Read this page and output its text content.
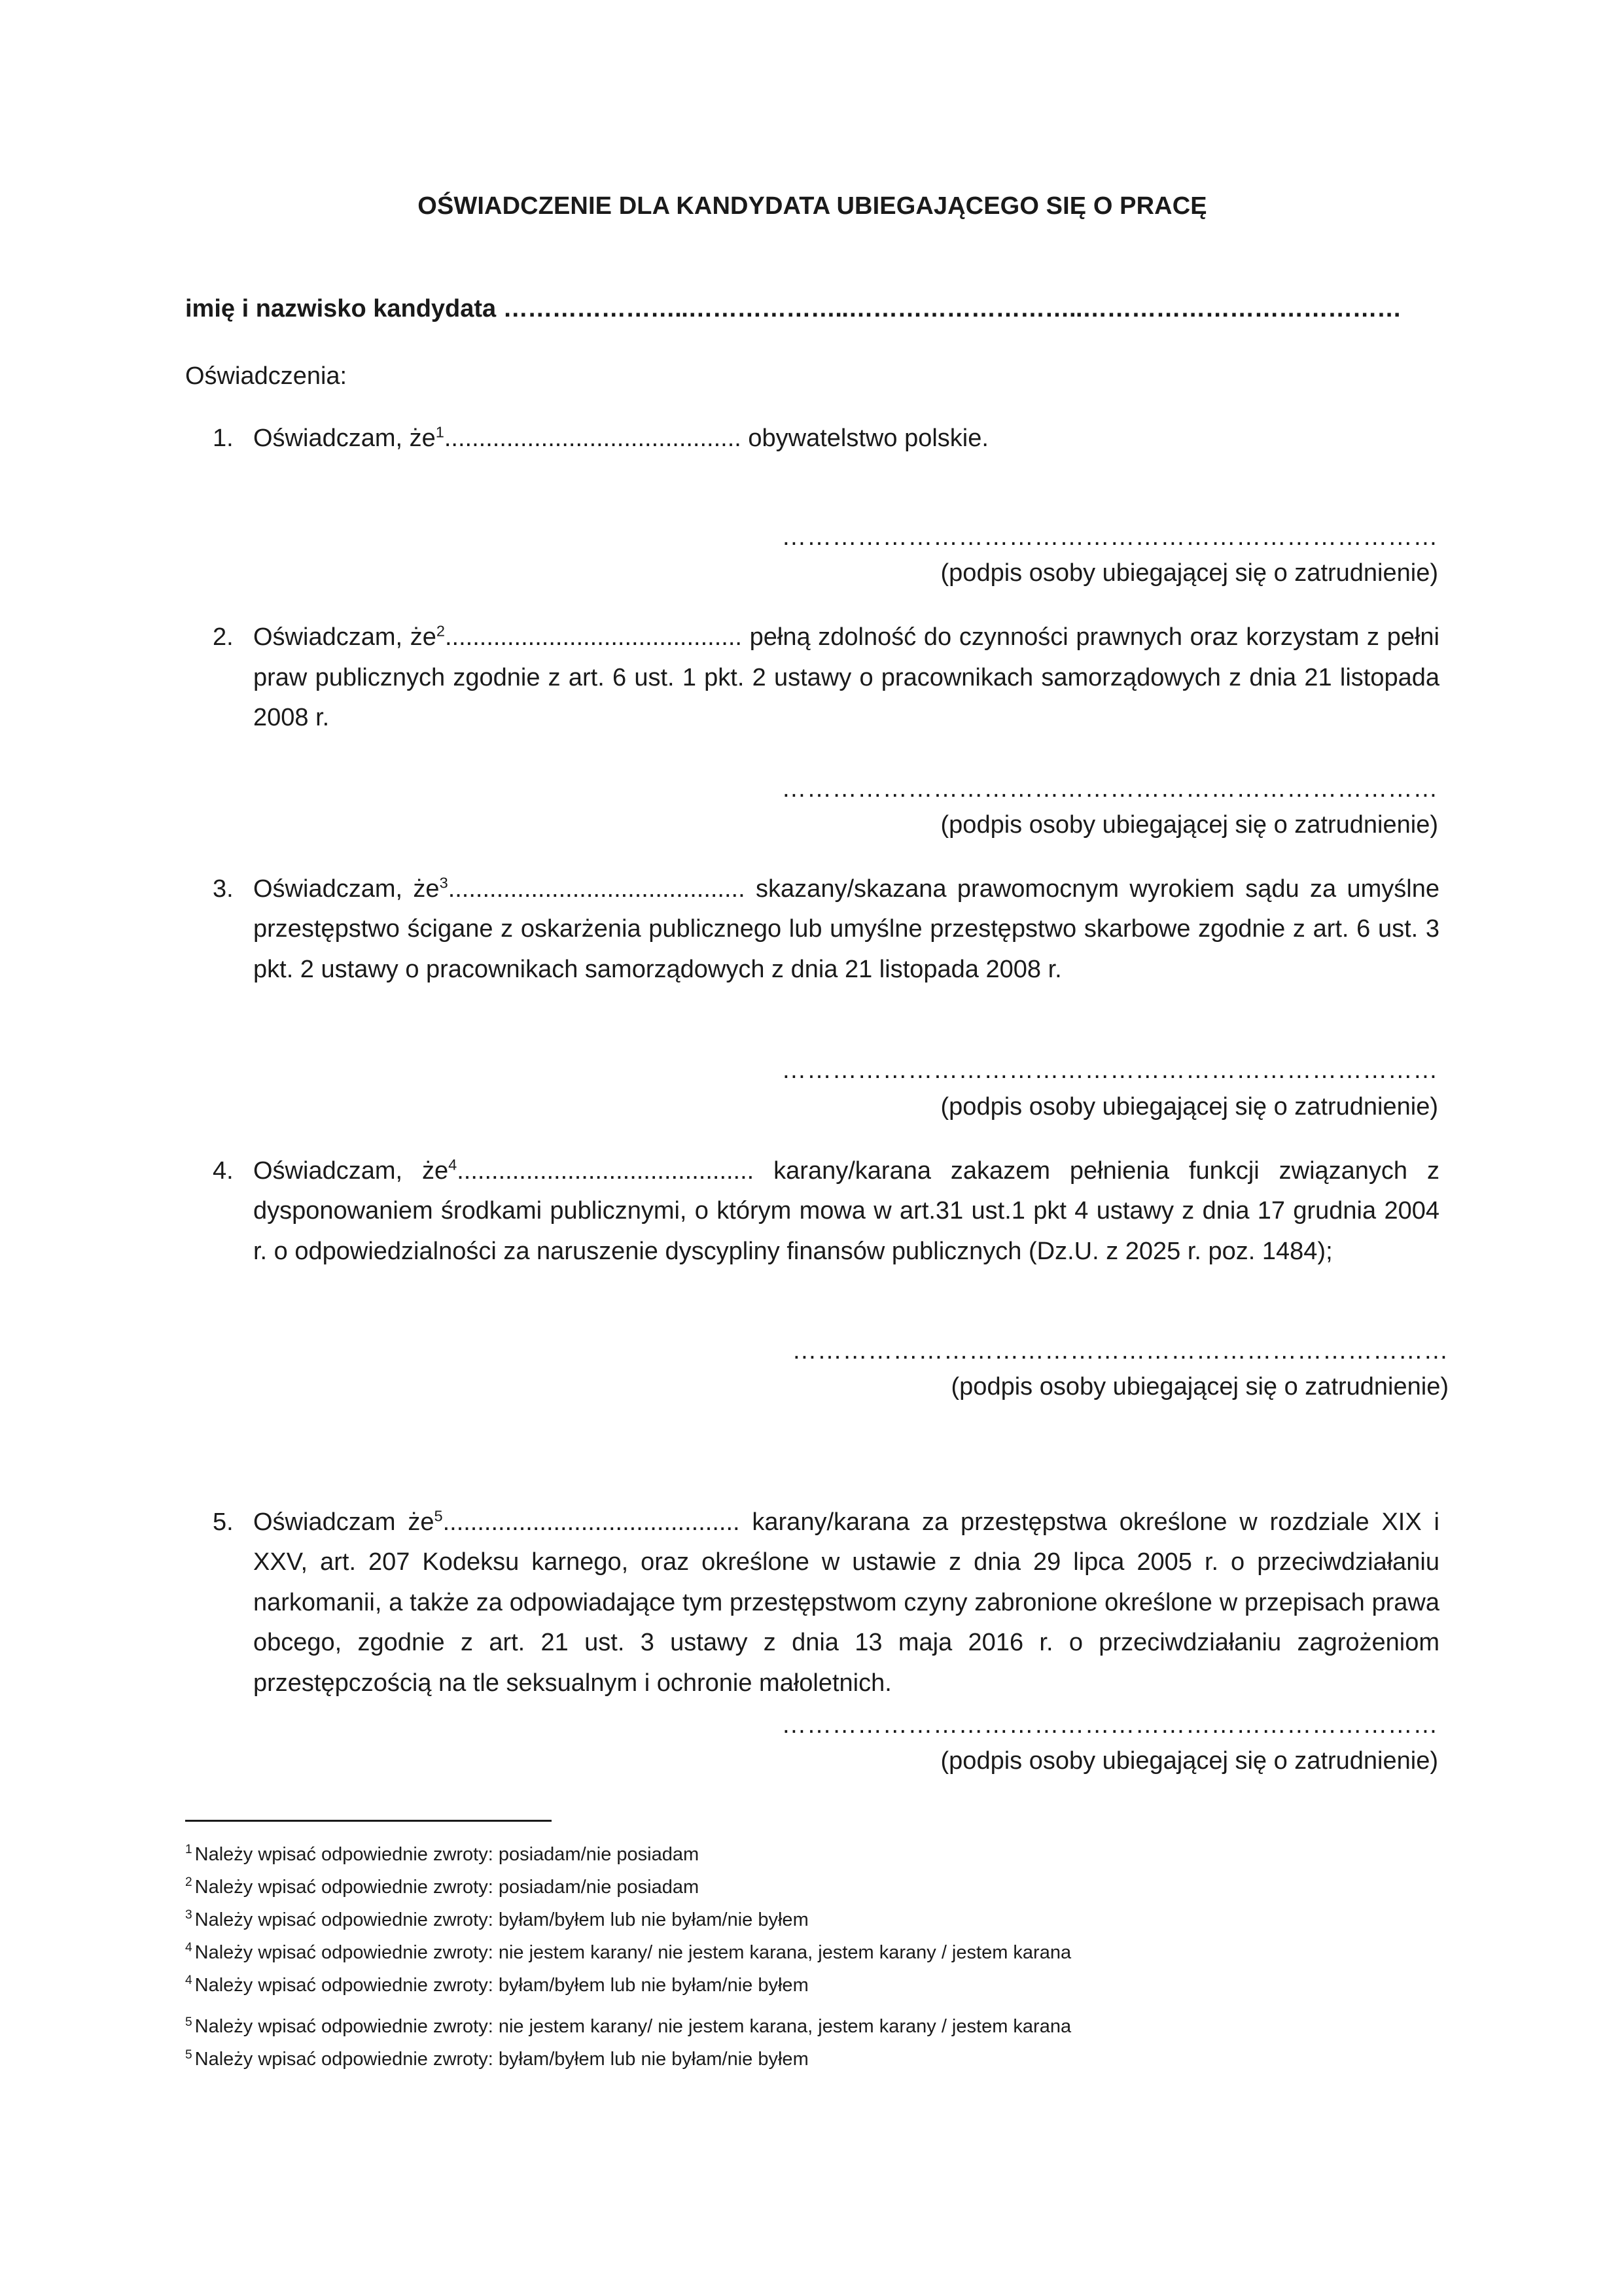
OŚWIADCZENIE DLA KANDYDATA UBIEGAJĄCEGO SIĘ O PRACĘ
imię i nazwisko kandydata …………………..………………..………………………..…………………………………
Oświadczenia:
1. Oświadczam, $że^1$........................................... obywatelstwo polskie.
……………………………………………………………………
(podpis osoby ubiegającej się o zatrudnienie)
2. Oświadczam, $że^2$........................................... pełną zdolność do czynności prawnych oraz korzystam z pełni praw publicznych zgodnie z art. 6 ust. 1 pkt. 2 ustawy o pracownikach samorządowych z dnia 21 listopada 2008 r.
……………………………………………………………………
(podpis osoby ubiegającej się o zatrudnienie)
3. Oświadczam, $że^3$........................................... skazany/skazana prawomocnym wyrokiem sądu za umyślne przestępstwo ścigane z oskarżenia publicznego lub umyślne przestępstwo skarbowe zgodnie z art. 6 ust. 3 pkt. 2 ustawy o pracownikach samorządowych z dnia 21 listopada 2008 r.
……………………………………………………………………
(podpis osoby ubiegającej się o zatrudnienie)
4. Oświadczam, $że^4$........................................... karany/karana zakazem pełnienia funkcji związanych z dysponowaniem środkami publicznymi, o którym mowa w art.31 ust.1 pkt 4 ustawy z dnia 17 grudnia 2004 r. o odpowiedzialności za naruszenie dyscypliny finansów publicznych (Dz.U. z 2025 r. poz. 1484);
……………………………………………………………………
(podpis osoby ubiegającej się o zatrudnienie)
5. Oświadczam $że^5$........................................... karany/karana za przestępstwa określone w rozdziale XIX i XXV, art. 207 Kodeksu karnego, oraz określone w ustawie z dnia 29 lipca 2005 r. o przeciwdziałaniu narkomanii, a także za odpowiadające tym przestępstwom czyny zabronione określone w przepisach prawa obcego, zgodnie z art. 21 ust. 3 ustawy z dnia 13 maja 2016 r. o przeciwdziałaniu zagrożeniom przestępczością na tle seksualnym i ochronie małoletnich.
……………………………………………………………………
(podpis osoby ubiegającej się o zatrudnienie)
$^1$ Należy wpisać odpowiednie zwroty: posiadam/nie posiadam
$^2$ Należy wpisać odpowiednie zwroty: posiadam/nie posiadam
$^3$ Należy wpisać odpowiednie zwroty: byłam/byłem lub nie byłam/nie byłem
$^4$ Należy wpisać odpowiednie zwroty: nie jestem karany/ nie jestem karana, jestem karany / jestem karana
$^4$ Należy wpisać odpowiednie zwroty: byłam/byłem lub nie byłam/nie byłem
$^5$ Należy wpisać odpowiednie zwroty: nie jestem karany/ nie jestem karana, jestem karany / jestem karana
$^5$ Należy wpisać odpowiednie zwroty: byłam/byłem lub nie byłam/nie byłem
